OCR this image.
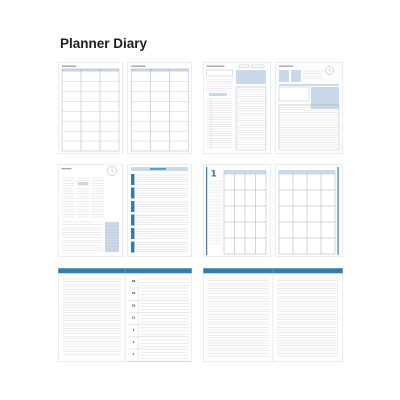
Planner Diary
1
28
29
30
31
1
2
3
